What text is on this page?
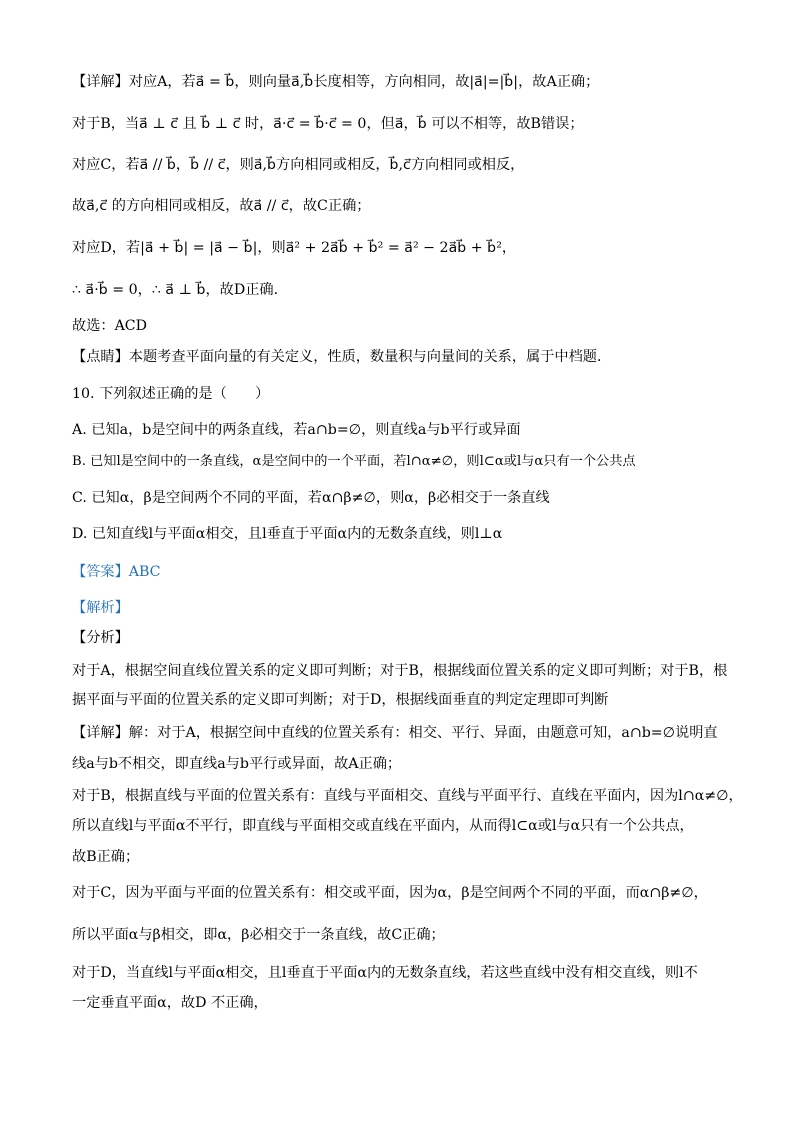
【详解】对应A，若a⃗ = b⃗，则向量a⃗,b⃗长度相等，方向相同，故|a⃗|=|b⃗|，故A正确；
对于B，当a⃗ ⊥ c⃗ 且 b⃗ ⊥ c⃗ 时，a⃗·c⃗ = b⃗·c⃗ = 0，但a⃗，b⃗ 可以不相等，故B错误；
对应C，若a⃗ // b⃗，b⃗ // c⃗，则a⃗,b⃗方向相同或相反，b⃗,c⃗方向相同或相反，
故a⃗,c⃗ 的方向相同或相反，故a⃗ // c⃗，故C正确；
对应D，若|a⃗ + b⃗| = |a⃗ − b⃗|，则a⃗² + 2a⃗b⃗ + b⃗² = a⃗² − 2a⃗b⃗ + b⃗²，
∴ a⃗·b⃗ = 0，∴ a⃗ ⊥ b⃗，故D正确．
故选：ACD
【点睛】本题考查平面向量的有关定义，性质，数量积与向量间的关系，属于中档题．
10. 下列叙述正确的是（　　）
A. 已知a，b是空间中的两条直线，若a∩b=∅，则直线a与b平行或异面
B. 已知l是空间中的一条直线，α是空间中的一个平面，若l∩α≠∅，则l⊂α或l与α只有一个公共点
C. 已知α，β是空间两个不同的平面，若α∩β≠∅，则α，β必相交于一条直线
D. 已知直线l与平面α相交，且l垂直于平面α内的无数条直线，则l⊥α
【答案】ABC
【解析】
【分析】
对于A，根据空间直线位置关系的定义即可判断；对于B，根据线面位置关系的定义即可判断；对于B，根
据平面与平面的位置关系的定义即可判断；对于D，根据线面垂直的判定定理即可判断
【详解】解：对于A，根据空间中直线的位置关系有：相交、平行、异面，由题意可知，a∩b=∅说明直
线a与b不相交，即直线a与b平行或异面，故A正确；
对于B，根据直线与平面的位置关系有：直线与平面相交、直线与平面平行、直线在平面内，因为l∩α≠∅，
所以直线l与平面α不平行，即直线与平面相交或直线在平面内，从而得l⊂α或l与α只有一个公共点，
故B正确；
对于C，因为平面与平面的位置关系有：相交或平面，因为α，β是空间两个不同的平面，而α∩β≠∅，
所以平面α与β相交，即α，β必相交于一条直线，故C正确；
对于D，当直线l与平面α相交，且l垂直于平面α内的无数条直线，若这些直线中没有相交直线，则l不
一定垂直平面α，故D 不正确，
